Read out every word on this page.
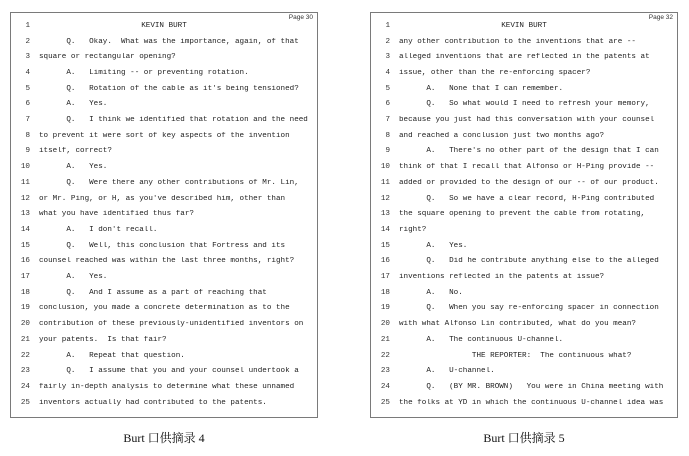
Page 30
1	KEVIN BURT
2 Q.   Okay.  What was the importance, again, of that
3 square or rectangular opening?
4 A.   Limiting -- or preventing rotation.
5 Q.   Rotation of the cable as it's being tensioned?
6 A.   Yes.
7 Q.   I think we identified that rotation and the need
8 to prevent it were sort of key aspects of the invention
9 itself, correct?
10 A.   Yes.
11 Q.   Were there any other contributions of Mr. Lin,
12 or Mr. Ping, or H, as you've described him, other than
13 what you have identified thus far?
14 A.   I don't recall.
15 Q.   Well, this conclusion that Fortress and its
16 counsel reached was within the last three months, right?
17 A.   Yes.
18 Q.   And I assume as a part of reaching that
19 conclusion, you made a concrete determination as to the
20 contribution of these previously-unidentified inventors on
21 your patents.  Is that fair?
22 A.   Repeat that question.
23 Q.   I assume that you and your counsel undertook a
24 fairly in-depth analysis to determine what these unnamed
25 inventors actually had contributed to the patents.
Burt 口供摘录 4
Page 32
1	KEVIN BURT
2 any other contribution to the inventions that are --
3 alleged inventions that are reflected in the patents at
4 issue, other than the re-enforcing spacer?
5 A.   None that I can remember.
6 Q.   So what would I need to refresh your memory,
7 because you just had this conversation with your counsel
8 and reached a conclusion just two months ago?
9 A.   There's no other part of the design that I can
10 think of that I recall that Alfonso or H-Ping provide --
11 added or provided to the design of our -- of our product.
12 Q.   So we have a clear record, H-Ping contributed
13 the square opening to prevent the cable from rotating,
14 right?
15 A.   Yes.
16 Q.   Did he contribute anything else to the alleged
17 inventions reflected in the patents at issue?
18 A.   No.
19 Q.   When you say re-enforcing spacer in connection
20 with what Alfonso Lin contributed, what do you mean?
21 A.   The continuous U-channel.
22 THE REPORTER:  The continuous what?
23 A.   U-channel.
24 Q.   (BY MR. BROWN)   You were in China meeting with
25 the folks at YD in which the continuous U-channel idea was
Burt 口供摘录 5
